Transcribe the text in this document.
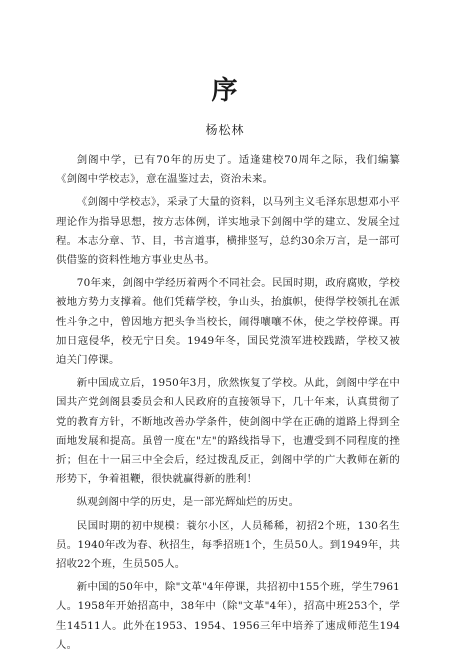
序
杨松林

剑阁中学，已有70年的历史了。适逢建校70周年之际，我们编纂《剑阁中学校志》，意在温鉴过去，资治未来。

《剑阁中学校志》，采录了大量的资料，以马列主义毛泽东思想邓小平理论作为指导思想，按方志体例，详实地录下剑阁中学的建立、发展全过程。本志分章、节、目，书言道事，横排竖写，总约30余万言，是一部可供借鉴的资料性地方事业史丛书。

70年来，剑阁中学经历着两个不同社会。民国时期，政府腐败，学校被地方势力支撑着。他们凭藉学校，争山头，抬旗帜，使得学校领扎在派性斗争之中，曾因地方把头争当校长，闹得嚷嚷不休，使之学校停课。再加日寇侵华，校无宁日矣。1949年冬，国民党溃军进校践踏，学校又被迫关门停课。

新中国成立后，1950年3月，欣然恢复了学校。从此，剑阁中学在中国共产党剑阁县委员会和人民政府的直接领导下，几十年来，认真贯彻了党的教育方针，不断地改善办学条件，使剑阁中学在正确的道路上得到全面地发展和提高。虽曾一度在"左"的路线指导下，也遭受到不同程度的挫折；但在十一届三中全会后，经过拨乱反正，剑阁中学的广大教师在新的形势下，争着祖鞭，很快就赢得新的胜利！

纵观剑阁中学的历史，是一部光辉灿烂的历史。

民国时期的初中规模：蓑尔小区，人员稀稀，初招2个班，130名生员。1940年改为春、秋招生，每季招班1个，生员50人。到1949年，共招收22个班，生员505人。

新中国的50年中，除"文革"4年停课，共招初中155个班，学生7961人。1958年开始招高中，38年中（除"文革"4年），招高中班253个，学生14511人。此外在1953、1954、1956三年中培养了速成师范生194人。
